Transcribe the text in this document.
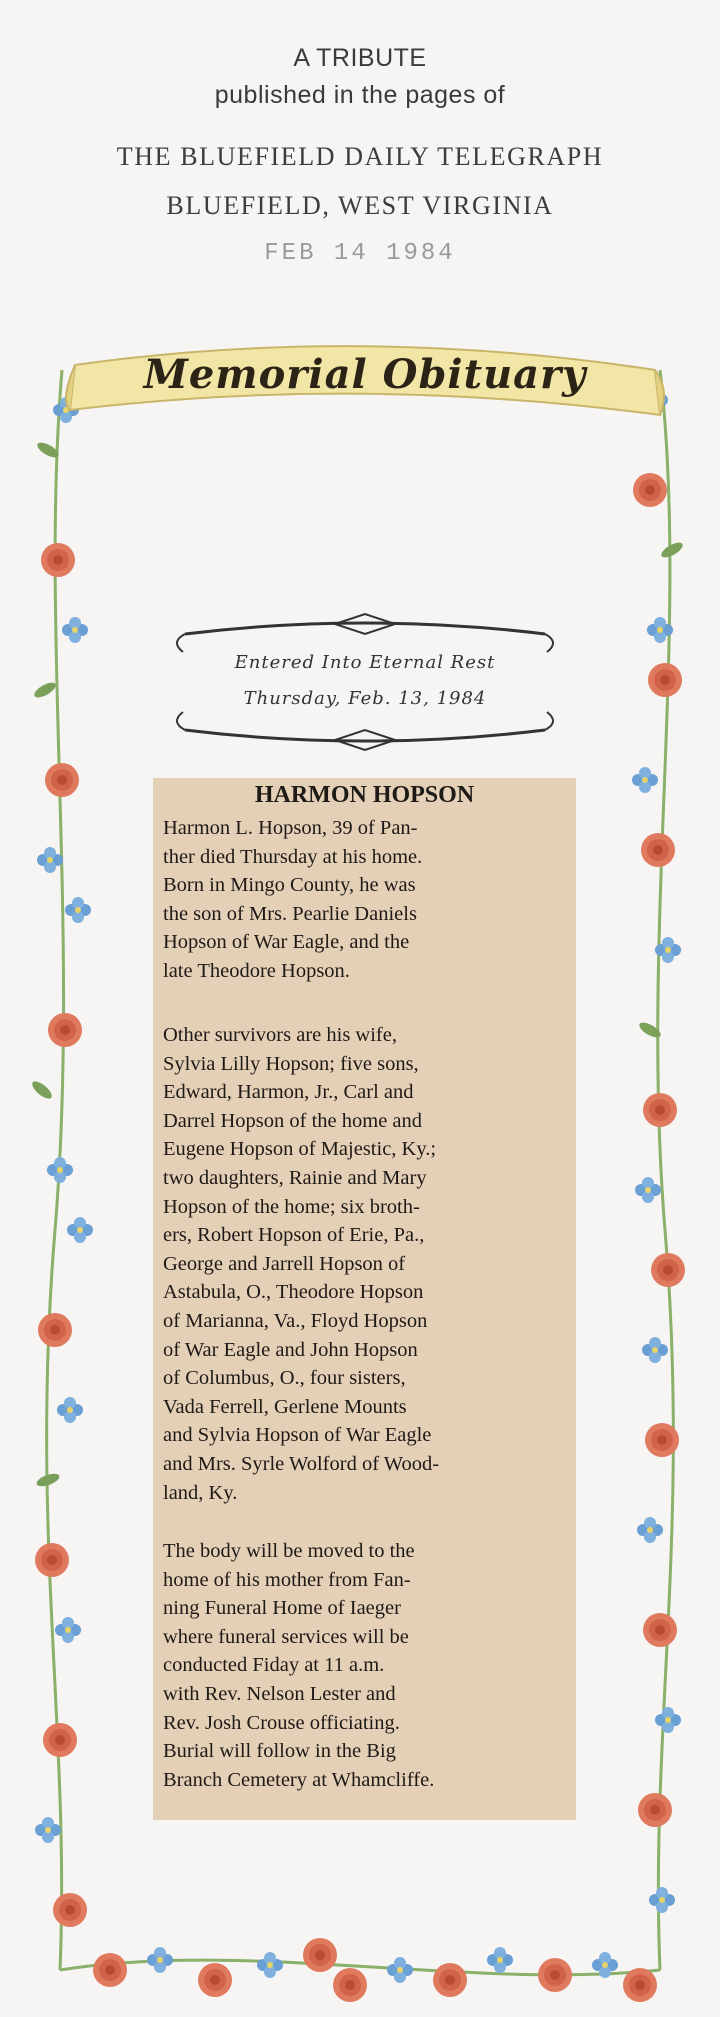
A TRIBUTE
published in the pages of
THE BLUEFIELD DAILY TELEGRAPH
BLUEFIELD, WEST VIRGINIA
FEB 14 1984
Memorial Obituary
Entered Into Eternal Rest
Thursday, Feb. 13, 1984
HARMON HOPSON
Harmon L. Hopson, 39 of Pan-
ther died Thursday at his home.
Born in Mingo County, he was
the son of Mrs. Pearlie Daniels
Hopson of War Eagle, and the
late Theodore Hopson.
Other survivors are his wife,
Sylvia Lilly Hopson; five sons,
Edward, Harmon, Jr., Carl and
Darrel Hopson of the home and
Eugene Hopson of Majestic, Ky.;
two daughters, Rainie and Mary
Hopson of the home; six broth-
ers, Robert Hopson of Erie, Pa.,
George and Jarrell Hopson of
Astabula, O., Theodore Hopson
of Marianna, Va., Floyd Hopson
of War Eagle and John Hopson
of Columbus, O., four sisters,
Vada Ferrell, Gerlene Mounts
and Sylvia Hopson of War Eagle
and Mrs. Syrle Wolford of Wood-
land, Ky.
The body will be moved to the
home of his mother from Fan-
ning Funeral Home of Iaeger
where funeral services will be
conducted Fiday at 11 a.m.
with Rev. Nelson Lester and
Rev. Josh Crouse officiating.
Burial will follow in the Big
Branch Cemetery at Whamcliffe.
